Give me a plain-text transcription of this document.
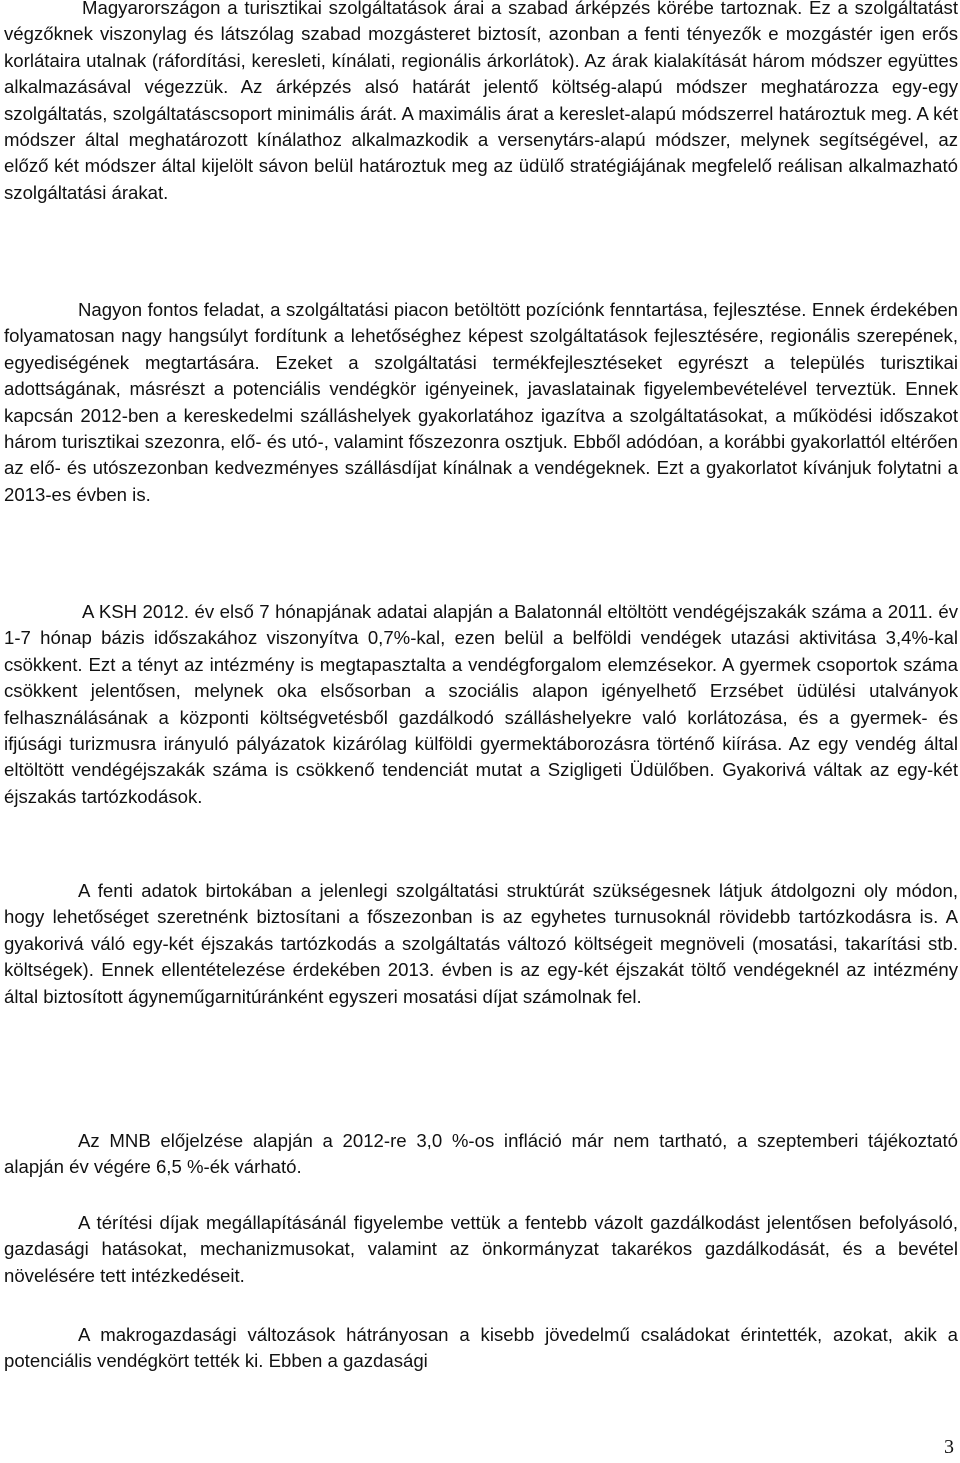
Magyarországon a turisztikai szolgáltatások árai a szabad árképzés körébe tartoznak. Ez a szolgáltatást végzőknek viszonylag és látszólag szabad mozgásteret biztosít, azonban a fenti tényezők e mozgástér igen erős korlátaira utalnak (ráfordítási, keresleti, kínálati, regionális árkorlátok). Az árak kialakítását három módszer együttes alkalmazásával végezzük. Az árképzés alsó határát jelentő költség-alapú módszer meghatározza egy-egy szolgáltatás, szolgáltatáscsoport minimális árát. A maximális árat a kereslet-alapú módszerrel határoztuk meg. A két módszer által meghatározott kínálathoz alkalmazkodik a versenytárs-alapú módszer, melynek segítségével, az előző két módszer által kijelölt sávon belül határoztuk meg az üdülő stratégiájának megfelelő reálisan alkalmazható szolgáltatási árakat.

Nagyon fontos feladat, a szolgáltatási piacon betöltött pozíciónk fenntartása, fejlesztése. Ennek érdekében folyamatosan nagy hangsúlyt fordítunk a lehetőséghez képest szolgáltatások fejlesztésére, regionális szerepének, egyediségének megtartására. Ezeket a szolgáltatási termékfejlesztéseket egyrészt a település turisztikai adottságának, másrészt a potenciális vendégkör igényeinek, javaslatainak figyelembevételével terveztük. Ennek kapcsán 2012-ben a kereskedelmi szálláshelyek gyakorlatához igazítva a szolgáltatásokat, a működési időszakot három turisztikai szezonra, elő- és utó-, valamint főszezonra osztjuk. Ebből adódóan, a korábbi gyakorlattól eltérően az elő- és utószezonban kedvezményes szállásdíjat kínálnak a vendégeknek. Ezt a gyakorlatot kívánjuk folytatni a 2013-es évben is.

A KSH 2012. év első 7 hónapjának adatai alapján a Balatonnál eltöltött vendégéjszakák száma a 2011. év 1-7 hónap bázis időszakához viszonyítva 0,7%-kal, ezen belül a belföldi vendégek utazási aktivitása 3,4%-kal csökkent. Ezt a tényt az intézmény is megtapasztalta a vendégforgalom elemzésekor. A gyermek csoportok száma csökkent jelentősen, melynek oka elsősorban a szociális alapon igényelhető Erzsébet üdülési utalványok felhasználásának a központi költségvetésből gazdálkodó szálláshelyekre való korlátozása, és a gyermek- és ifjúsági turizmusra irányuló pályázatok kizárólag külföldi gyermektáborozásra történő kiírása. Az egy vendég által eltöltött vendégéjszakák száma is csökkenő tendenciát mutat a Szigligeti Üdülőben. Gyakorivá váltak az egy-két éjszakás tartózkodások.

A fenti adatok birtokában a jelenlegi szolgáltatási struktúrát szükségesnek látjuk átdolgozni oly módon, hogy lehetőséget szeretnénk biztosítani a főszezonban is az egyhetes turnusoknál rövidebb tartózkodásra is. A gyakorivá váló egy-két éjszakás tartózkodás a szolgáltatás változó költségeit megnöveli (mosatási, takarítási stb. költségek). Ennek ellentételezése érdekében 2013. évben is az egy-két éjszakát töltő vendégeknél az intézmény által biztosított ágyneműgarnitúránként egyszeri mosatási díjat számolnak fel.

Az MNB előjelzése alapján a 2012-re 3,0 %-os infláció már nem tartható, a szeptemberi tájékoztató alapján év végére 6,5 %-ék várható.

A térítési díjak megállapításánál figyelembe vettük a fentebb vázolt gazdálkodást jelentősen befolyásoló, gazdasági hatásokat, mechanizmusokat, valamint az önkormányzat takarékos gazdálkodását, és a bevétel növelésére tett intézkedéseit.

A makrogazdasági változások hátrányosan a kisebb jövedelmű családokat érintették, azokat, akik a potenciális vendégkört tették ki. Ebben a gazdasági

3
